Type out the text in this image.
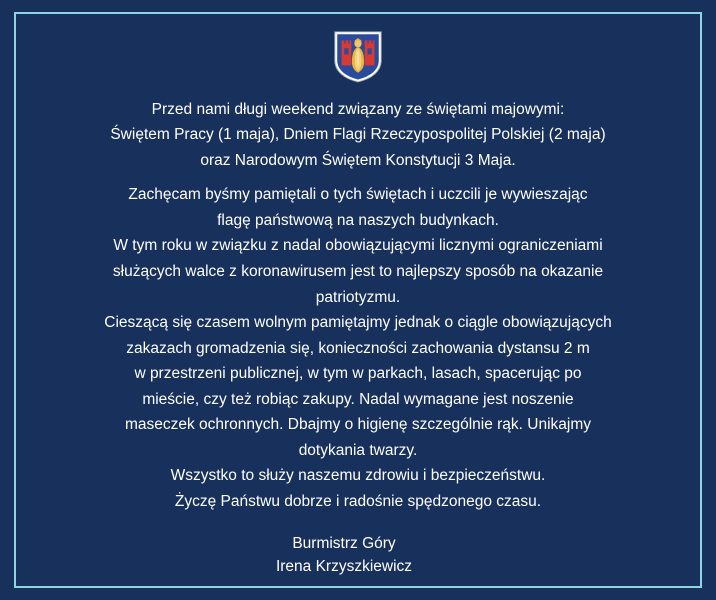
Przed nami długi weekend związany ze świętami majowymi:

Świętem Pracy (1 maja), Dniem Flagi Rzeczypospolitej Polskiej (2 maja)

oraz Narodowym Świętem Konstytucji 3 Maja.

Zachęcam byśmy pamiętali o tych świętach i uczcili je wywieszając

flagę państwową na naszych budynkach.

W tym roku w związku z nadal obowiązującymi licznymi ograniczeniami

służących walce z koronawirusem jest to najlepszy sposób na okazanie

patriotyzmu.

Cieszącą się czasem wolnym pamiętajmy jednak o ciągle obowiązujących

zakazach gromadzenia się, konieczności zachowania dystansu 2 m

w przestrzeni publicznej, w tym w parkach, lasach, spacerując po

mieście, czy też robiąc zakupy. Nadal wymagane jest noszenie

maseczek ochronnych. Dbajmy o higienę szczególnie rąk. Unikajmy

dotykania twarzy.

Wszystko to służy naszemu zdrowiu i bezpieczeństwu.

Życzę Państwu dobrze i radośnie spędzonego czasu.

Burmistrz Góry
Irena Krzyszkiewicz
